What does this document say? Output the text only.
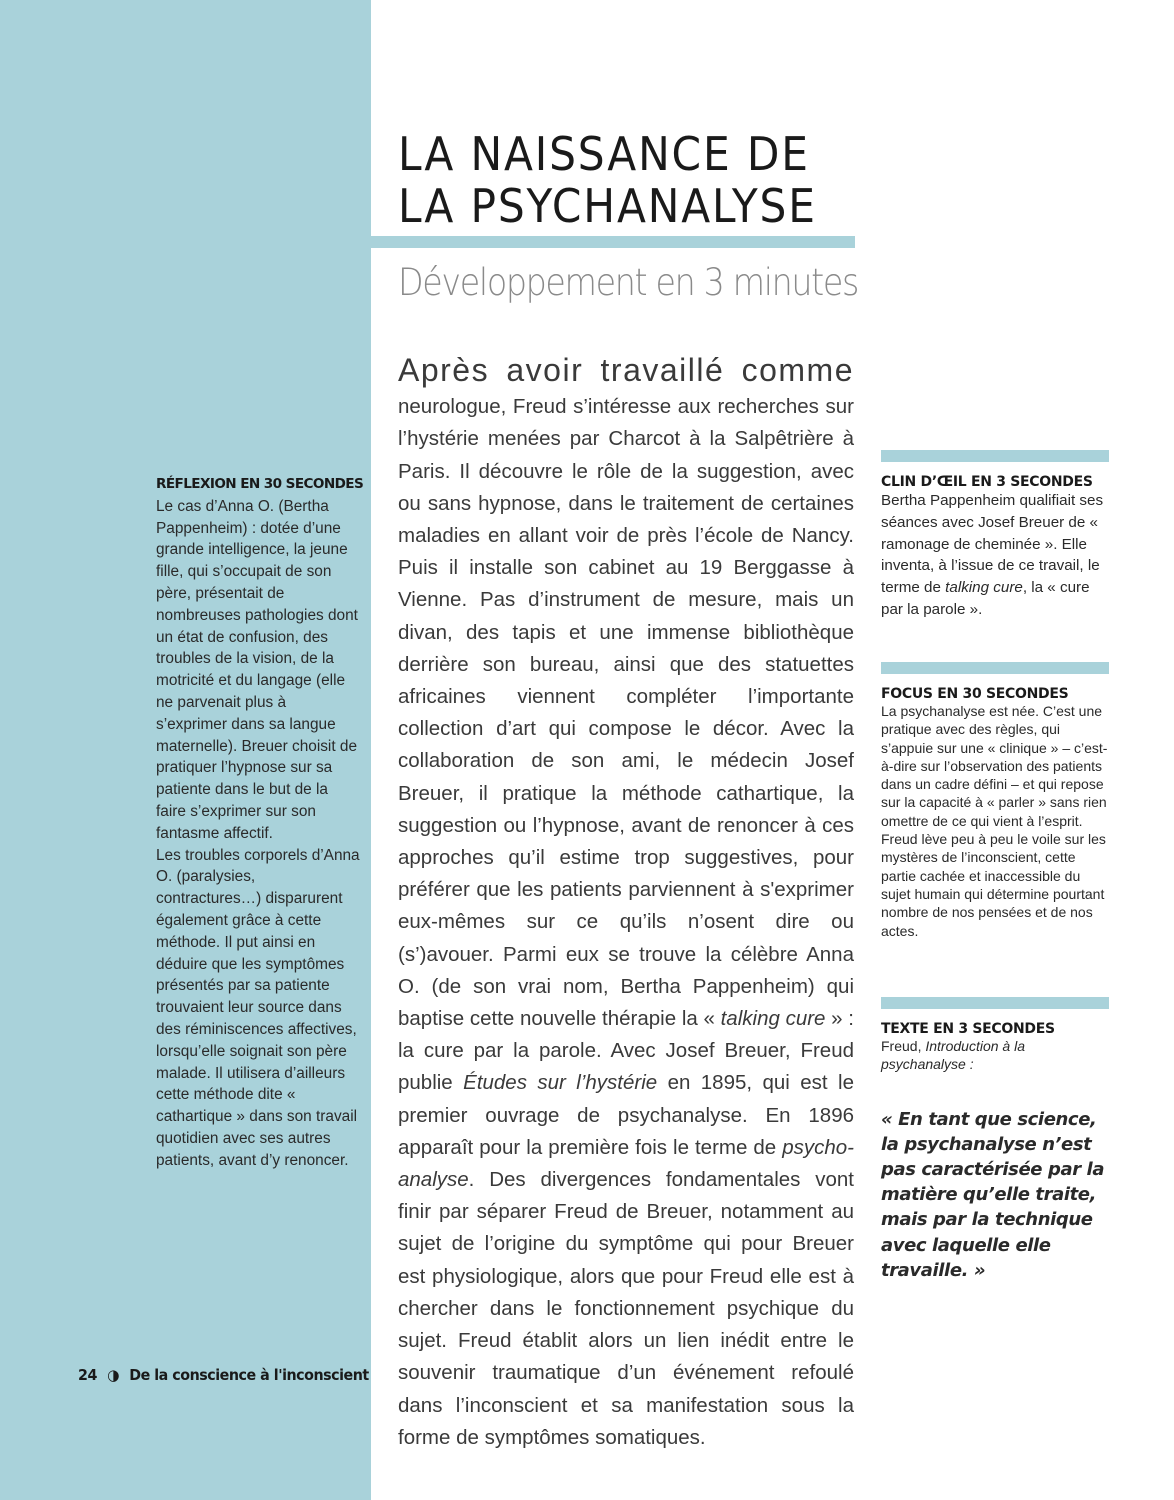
LA NAISSANCE DE
LA PSYCHANALYSE
Développement en 3 minutes
Après avoir travaillé comme neurologue, Freud s’intéresse aux recherches sur l’hystérie menées par Charcot à la Salpêtrière à Paris. Il découvre le rôle de la suggestion, avec ou sans hypnose, dans le traitement de certaines maladies en allant voir de près l’école de Nancy. Puis il installe son cabinet au 19 Berggasse à Vienne. Pas d’instrument de mesure, mais un divan, des tapis et une immense bibliothèque derrière son bureau, ainsi que des statuettes africaines viennent compléter l’importante collection d’art qui compose le décor. Avec la collaboration de son ami, le médecin Josef Breuer, il pratique la méthode cathartique, la suggestion ou l’hypnose, avant de renoncer à ces approches qu’il estime trop suggestives, pour préférer que les patients parviennent à s'exprimer eux-mêmes sur ce qu’ils n’osent dire ou (s’)avouer. Parmi eux se trouve la célèbre Anna O. (de son vrai nom, Bertha Pappenheim) qui baptise cette nouvelle thérapie la « talking cure » : la cure par la parole. Avec Josef Breuer, Freud publie Études sur l’hystérie en 1895, qui est le premier ouvrage de psychanalyse. En 1896 apparaît pour la première fois le terme de psycho-analyse. Des divergences fondamentales vont finir par séparer Freud de Breuer, notamment au sujet de l’origine du symptôme qui pour Breuer est physiologique, alors que pour Freud elle est à chercher dans le fonctionnement psychique du sujet. Freud établit alors un lien inédit entre le souvenir traumatique d’un événement refoulé dans l’inconscient et sa manifestation sous la forme de symptômes somatiques.
RÉFLEXION EN 30 SECONDES
Le cas d’Anna O. (Bertha Pappenheim) : dotée d’une grande intelligence, la jeune fille, qui s’occupait de son père, présentait de nombreuses pathologies dont un état de confusion, des troubles de la vision, de la motricité et du langage (elle ne parvenait plus à s’exprimer dans sa langue maternelle). Breuer choisit de pratiquer l’hypnose sur sa patiente dans le but de la faire s’exprimer sur son fantasme affectif.
Les troubles corporels d’Anna O. (paralysies, contractures…) disparurent également grâce à cette méthode. Il put ainsi en déduire que les symptômes présentés par sa patiente trouvaient leur source dans des réminiscences affectives, lorsqu’elle soignait son père malade. Il utilisera d’ailleurs cette méthode dite « cathartique » dans son travail quotidien avec ses autres patients, avant d’y renoncer.
CLIN D’ŒIL EN 3 SECONDES
Bertha Pappenheim qualifiait ses séances avec Josef Breuer de « ramonage de cheminée ». Elle inventa, à l’issue de ce travail, le terme de talking cure, la « cure par la parole ».
FOCUS EN 30 SECONDES
La psychanalyse est née. C’est une pratique avec des règles, qui s’appuie sur une « clinique » – c’est-à-dire sur l’observation des patients dans un cadre défini – et qui repose sur la capacité à « parler » sans rien omettre de ce qui vient à l’esprit. Freud lève peu à peu le voile sur les mystères de l’inconscient, cette partie cachée et inaccessible du sujet humain qui détermine pourtant nombre de nos pensées et de nos actes.
TEXTE EN 3 SECONDES
Freud, Introduction à la psychanalyse :
« En tant que science, la psychanalyse n’est pas caractérisée par la matière qu’elle traite, mais par la technique avec laquelle elle travaille. »
24 ◑ De la conscience à l'inconscient
